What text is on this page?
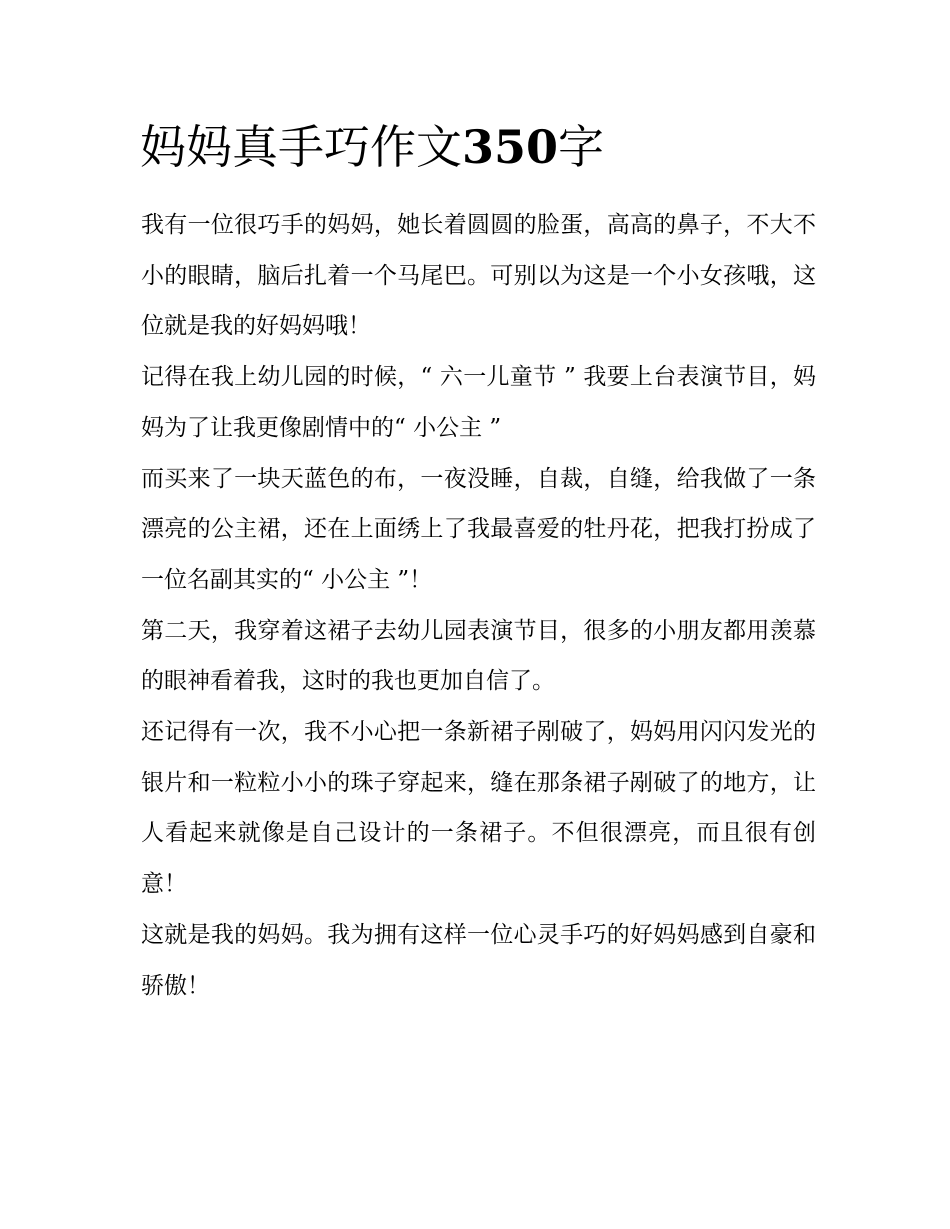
妈妈真手巧作文350字

我有一位很巧手的妈妈，她长着圆圆的脸蛋，高高的鼻子，不大不小的眼睛，脑后扎着一个马尾巴。可别以为这是一个小女孩哦，这位就是我的好妈妈哦！

记得在我上幼儿园的时候，“ 六一儿童节 ” 我要上台表演节目，妈妈为了让我更像剧情中的“ 小公主 ”

而买来了一块天蓝色的布，一夜没睡，自裁，自缝，给我做了一条漂亮的公主裙，还在上面绣上了我最喜爱的牡丹花，把我打扮成了一位名副其实的“ 小公主 ”！

第二天，我穿着这裙子去幼儿园表演节目，很多的小朋友都用羡慕的眼神看着我，这时的我也更加自信了。

还记得有一次，我不小心把一条新裙子剐破了，妈妈用闪闪发光的银片和一粒粒小小的珠子穿起来，缝在那条裙子剐破了的地方，让人看起来就像是自己设计的一条裙子。不但很漂亮，而且很有创意！

这就是我的妈妈。我为拥有这样一位心灵手巧的好妈妈感到自豪和骄傲！
